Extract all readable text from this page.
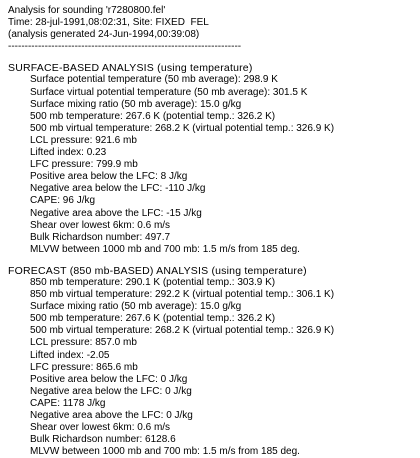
Analysis for sounding 'r7280800.fel'
Time: 28-jul-1991,08:02:31, Site: FIXED  FEL
(analysis generated 24-Jun-1994,00:39:08)
----------------------------------------------------------------------
SURFACE-BASED ANALYSIS (using temperature)
Surface potential temperature (50 mb average): 298.9 K
Surface virtual potential temperature (50 mb average): 301.5 K
Surface mixing ratio (50 mb average): 15.0 g/kg
500 mb temperature: 267.6 K (potential temp.: 326.2 K)
500 mb virtual temperature: 268.2 K (virtual potential temp.: 326.9 K)
LCL pressure: 921.6 mb
Lifted index: 0.23
LFC pressure: 799.9 mb
Positive area below the LFC: 8 J/kg
Negative area below the LFC: -110 J/kg
CAPE: 96 J/kg
Negative area above the LFC: -15 J/kg
Shear over lowest 6km: 0.6 m/s
Bulk Richardson number: 497.7
MLVW between 1000 mb and 700 mb: 1.5 m/s from 185 deg.
FORECAST (850 mb-BASED) ANALYSIS (using temperature)
850 mb temperature: 290.1 K (potential temp.: 303.9 K)
850 mb virtual temperature: 292.2 K (virtual potential temp.: 306.1 K)
Surface mixing ratio (50 mb average): 15.0 g/kg
500 mb temperature: 267.6 K (potential temp.: 326.2 K)
500 mb virtual temperature: 268.2 K (virtual potential temp.: 326.9 K)
LCL pressure: 857.0 mb
Lifted index: -2.05
LFC pressure: 865.6 mb
Positive area below the LFC: 0 J/kg
Negative area below the LFC: 0 J/kg
CAPE: 1178 J/kg
Negative area above the LFC: 0 J/kg
Shear over lowest 6km: 0.6 m/s
Bulk Richardson number: 6128.6
MLVW between 1000 mb and 700 mb: 1.5 m/s from 185 deg.
